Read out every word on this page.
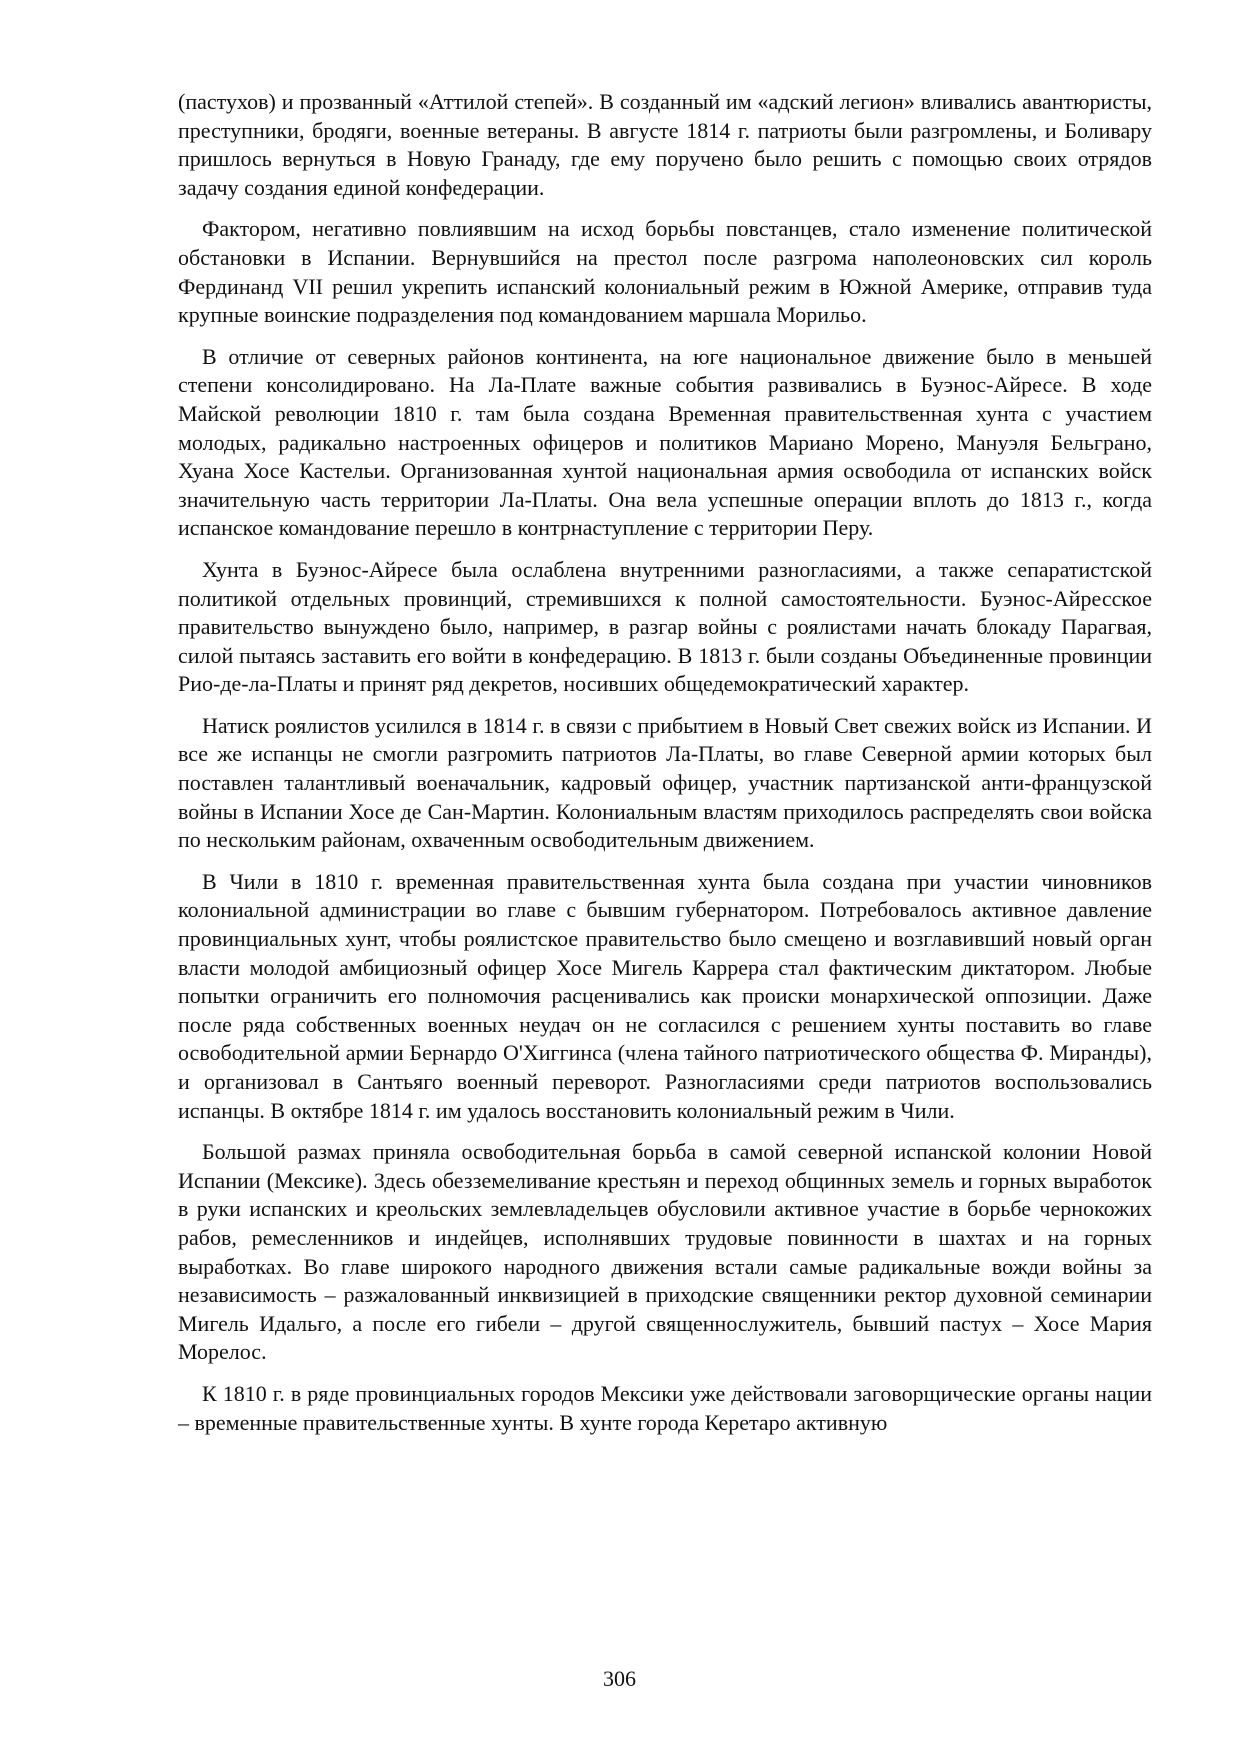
(пастухов) и прозванный «Аттилой степей». В созданный им «адский легион» вливались авантюристы, преступники, бродяги, военные ветераны. В августе 1814 г. патриоты были разгромлены, и Боливару пришлось вернуться в Новую Гранаду, где ему поручено было решить с помощью своих отрядов задачу создания единой конфедерации.

Фактором, негативно повлиявшим на исход борьбы повстанцев, стало изменение политической обстановки в Испании. Вернувшийся на престол после разгрома наполеоновских сил король Фердинанд VII решил укрепить испанский колониальный режим в Южной Америке, отправив туда крупные воинские подразделения под командованием маршала Морильо.

В отличие от северных районов континента, на юге национальное движение было в меньшей степени консолидировано. На Ла-Плате важные события развивались в Буэнос-Айресе. В ходе Майской революции 1810 г. там была создана Временная правительственная хунта с участием молодых, радикально настроенных офицеров и политиков Мариано Морено, Мануэля Бельграно, Хуана Хосе Кастельи. Организованная хунтой национальная армия освободила от испанских войск значительную часть территории Ла-Платы. Она вела успешные операции вплоть до 1813 г., когда испанское командование перешло в контрнаступление с территории Перу.

Хунта в Буэнос-Айресе была ослаблена внутренними разногласиями, а также сепаратистской политикой отдельных провинций, стремившихся к полной самостоятельности. Буэнос-Айресское правительство вынуждено было, например, в разгар войны с роялистами начать блокаду Парагвая, силой пытаясь заставить его войти в конфедерацию. В 1813 г. были созданы Объединенные провинции Рио-де-ла-Платы и принят ряд декретов, носивших общедемократический характер.

Натиск роялистов усилился в 1814 г. в связи с прибытием в Новый Свет свежих войск из Испании. И все же испанцы не смогли разгромить патриотов Ла-Платы, во главе Северной армии которых был поставлен талантливый военачальник, кадровый офицер, участник партизанской анти-французской войны в Испании Хосе де Сан-Мартин. Колониальным властям приходилось распределять свои войска по нескольким районам, охваченным освободительным движением.

В Чили в 1810 г. временная правительственная хунта была создана при участии чиновников колониальной администрации во главе с бывшим губернатором. Потребовалось активное давление провинциальных хунт, чтобы роялистское правительство было смещено и возглавивший новый орган власти молодой амбициозный офицер Хосе Мигель Каррера стал фактическим диктатором. Любые попытки ограничить его полномочия расценивались как происки монархической оппозиции. Даже после ряда собственных военных неудач он не согласился с решением хунты поставить во главе освободительной армии Бернардо О'Хиггинса (члена тайного патриотического общества Ф. Миранды), и организовал в Сантьяго военный переворот. Разногласиями среди патриотов воспользовались испанцы. В октябре 1814 г. им удалось восстановить колониальный режим в Чили.

Большой размах приняла освободительная борьба в самой северной испанской колонии Новой Испании (Мексике). Здесь обезземеливание крестьян и переход общинных земель и горных выработок в руки испанских и креольских землевладельцев обусловили активное участие в борьбе чернокожих рабов, ремесленников и индейцев, исполнявших трудовые повинности в шахтах и на горных выработках. Во главе широкого народного движения встали самые радикальные вожди войны за независимость – разжалованный инквизицией в приходские священники ректор духовной семинарии Мигель Идальго, а после его гибели – другой священнослужитель, бывший пастух – Хосе Мария Морелос.

К 1810 г. в ряде провинциальных городов Мексики уже действовали заговорщические органы нации – временные правительственные хунты. В хунте города Керетаро активную

306
